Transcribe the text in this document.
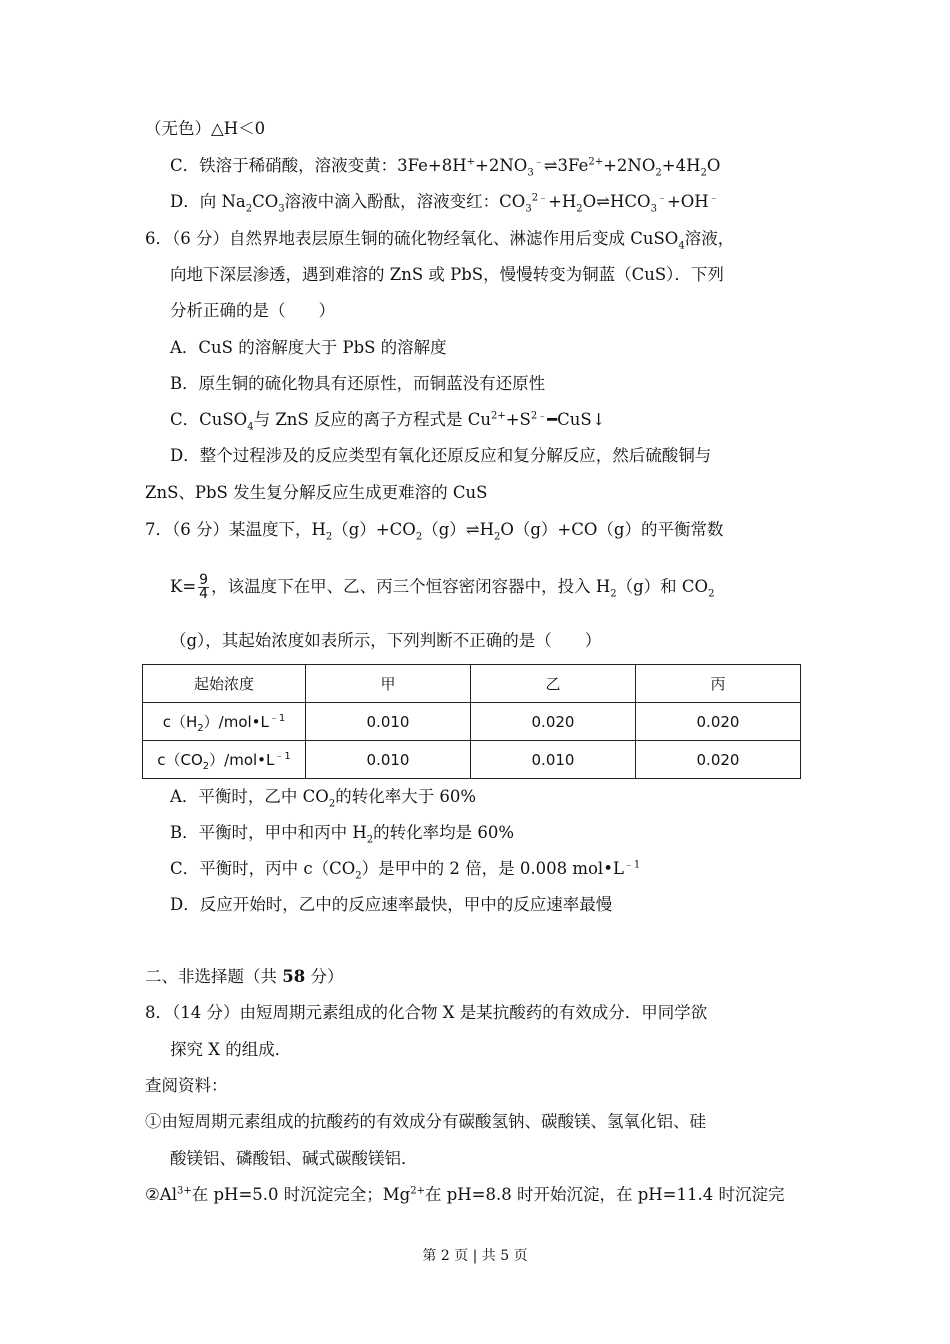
（无色）△H＜0
C．铁溶于稀硝酸，溶液变黄：$3Fe+8H^++2NO_3^﹣\rightleftharpoons 3Fe^{2+}+2NO_2+4H_2O$
D．向 $Na_2CO_3$溶液中滴入酚酞，溶液变红：$CO_3^{2﹣}+H_2O\rightleftharpoons HCO_3^﹣+OH^﹣$
6．（6 分）自然界地表层原生铜的硫化物经氧化、淋滤作用后变成 CuSO$_4$溶液，
向地下深层渗透，遇到难溶的 ZnS 或 PbS，慢慢转变为铜蓝（CuS）．下列
分析正确的是（　　）
A．CuS 的溶解度大于 PbS 的溶解度
B．原生铜的硫化物具有还原性，而铜蓝没有还原性
C．CuSO$_4$与 ZnS 反应的离子方程式是 $Cu^{2+}+S^{2﹣}━CuS↓$
D．整个过程涉及的反应类型有氧化还原反应和复分解反应，然后硫酸铜与
ZnS、PbS 发生复分解反应生成更难溶的 CuS
7．（6 分）某温度下，$H_2(g)+CO_2(g)\rightleftharpoons H_2O(g)+CO(g)$的平衡常数
$K= \frac{9}{4}$ ，该温度下在甲、乙、丙三个恒容密闭容器中，投入 $H_2(g)$和 $CO_2$
（g），其起始浓度如表所示，下列判断不正确的是（　　）
起始浓度	甲	乙	丙
$c(H_2)/mol•L^{﹣1}$	0.010	0.020	0.020
$c(CO_2)/mol•L^{﹣1}$	0.010	0.010	0.020
A．平衡时，乙中 $CO_2$的转化率大于 60%
B．平衡时，甲中和丙中 $H_2$的转化率均是 60%
C．平衡时，丙中 $c(CO_2)$是甲中的 2 倍，是 0.008 $mol•L^{﹣1}$
D．反应开始时，乙中的反应速率最快，甲中的反应速率最慢
二、非选择题（共 58 分）
8．（14 分）由短周期元素组成的化合物 X 是某抗酸药的有效成分．甲同学欲
探究 X 的组成．
查阅资料：
①由短周期元素组成的抗酸药的有效成分有碳酸氢钠、碳酸镁、氢氧化铝、硅
酸镁铝、磷酸铝、碱式碳酸镁铝．
$②Al^{3+}$在 pH=5.0 时沉淀完全；$Mg^{2+}$在 pH=8.8 时开始沉淀，在 pH=11.4 时沉淀完
第 2 页 | 共 5 页
